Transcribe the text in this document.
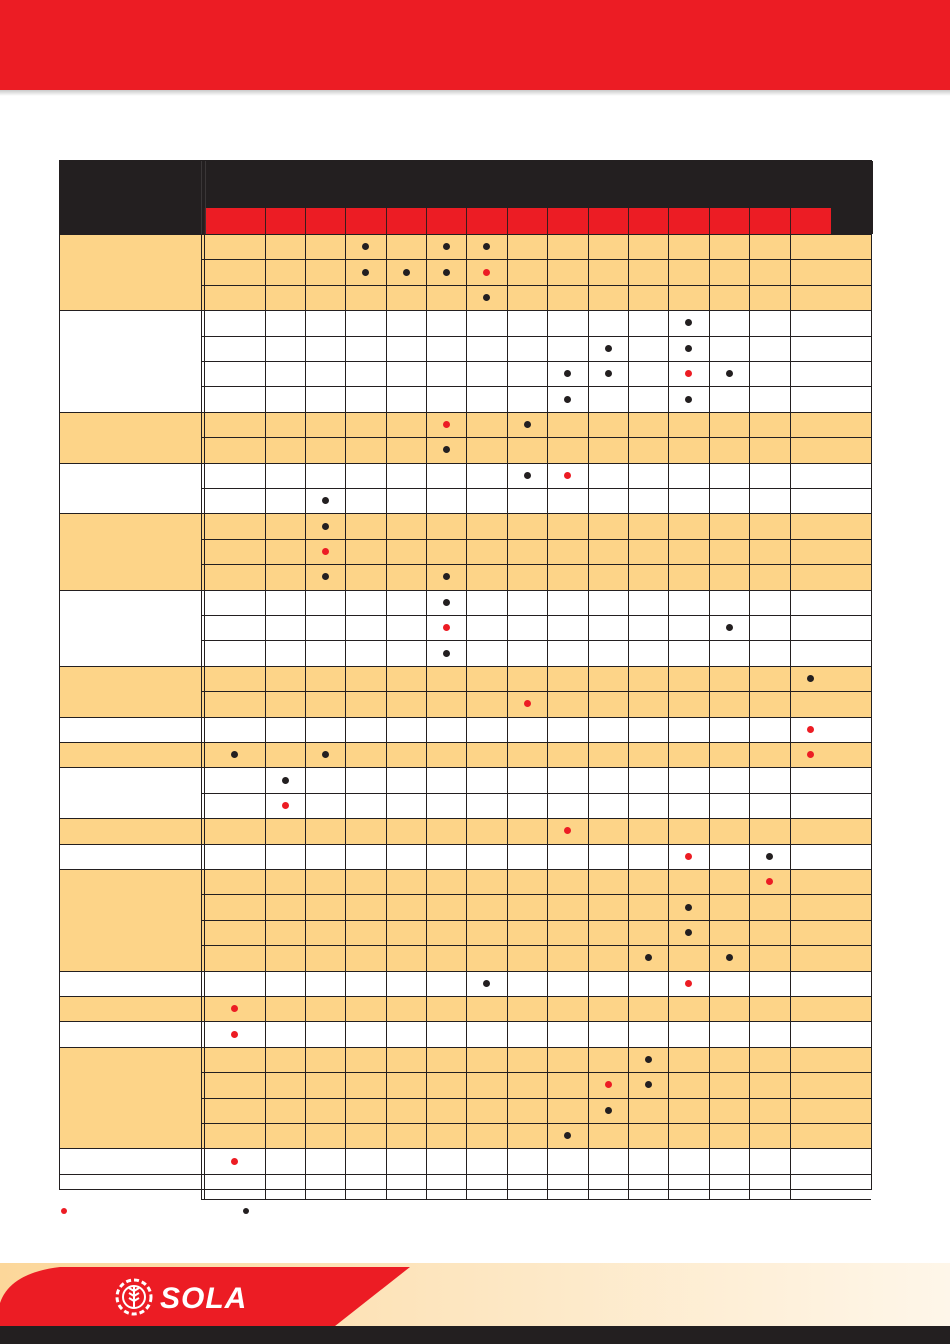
SOLA
